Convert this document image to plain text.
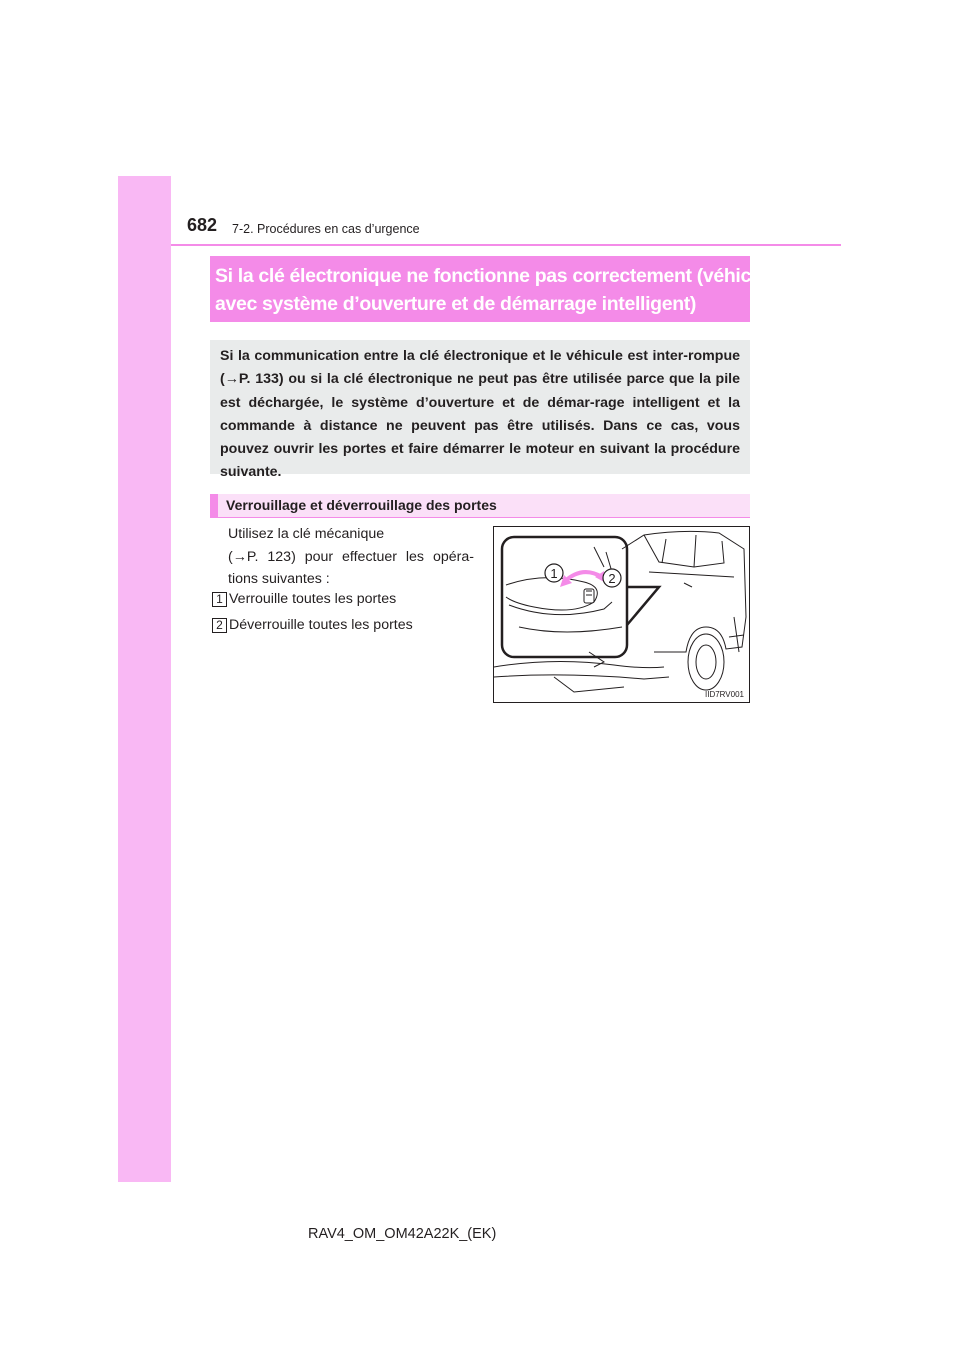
682 7-2. Procédures en cas d’urgence
Si la clé électronique ne fonctionne pas correctement (véhicules
avec système d’ouverture et de démarrage intelligent)
Si la communication entre la clé électronique et le véhicule est inter-rompue (→P. 133) ou si la clé électronique ne peut pas être utilisée parce que la pile est déchargée, le système d’ouverture et de démar-rage intelligent et la commande à distance ne peuvent pas être utilisés. Dans ce cas, vous pouvez ouvrir les portes et faire démarrer le moteur en suivant la procédure suivante.
Verrouillage et déverrouillage des portes
Utilisez la clé mécanique
(→P. 123) pour effectuer les opéra-
tions suivantes :
1 Verrouille toutes les portes
2 Déverrouille toutes les portes
1	2
IID7RV001
RAV4_OM_OM42A22K_(EK)
